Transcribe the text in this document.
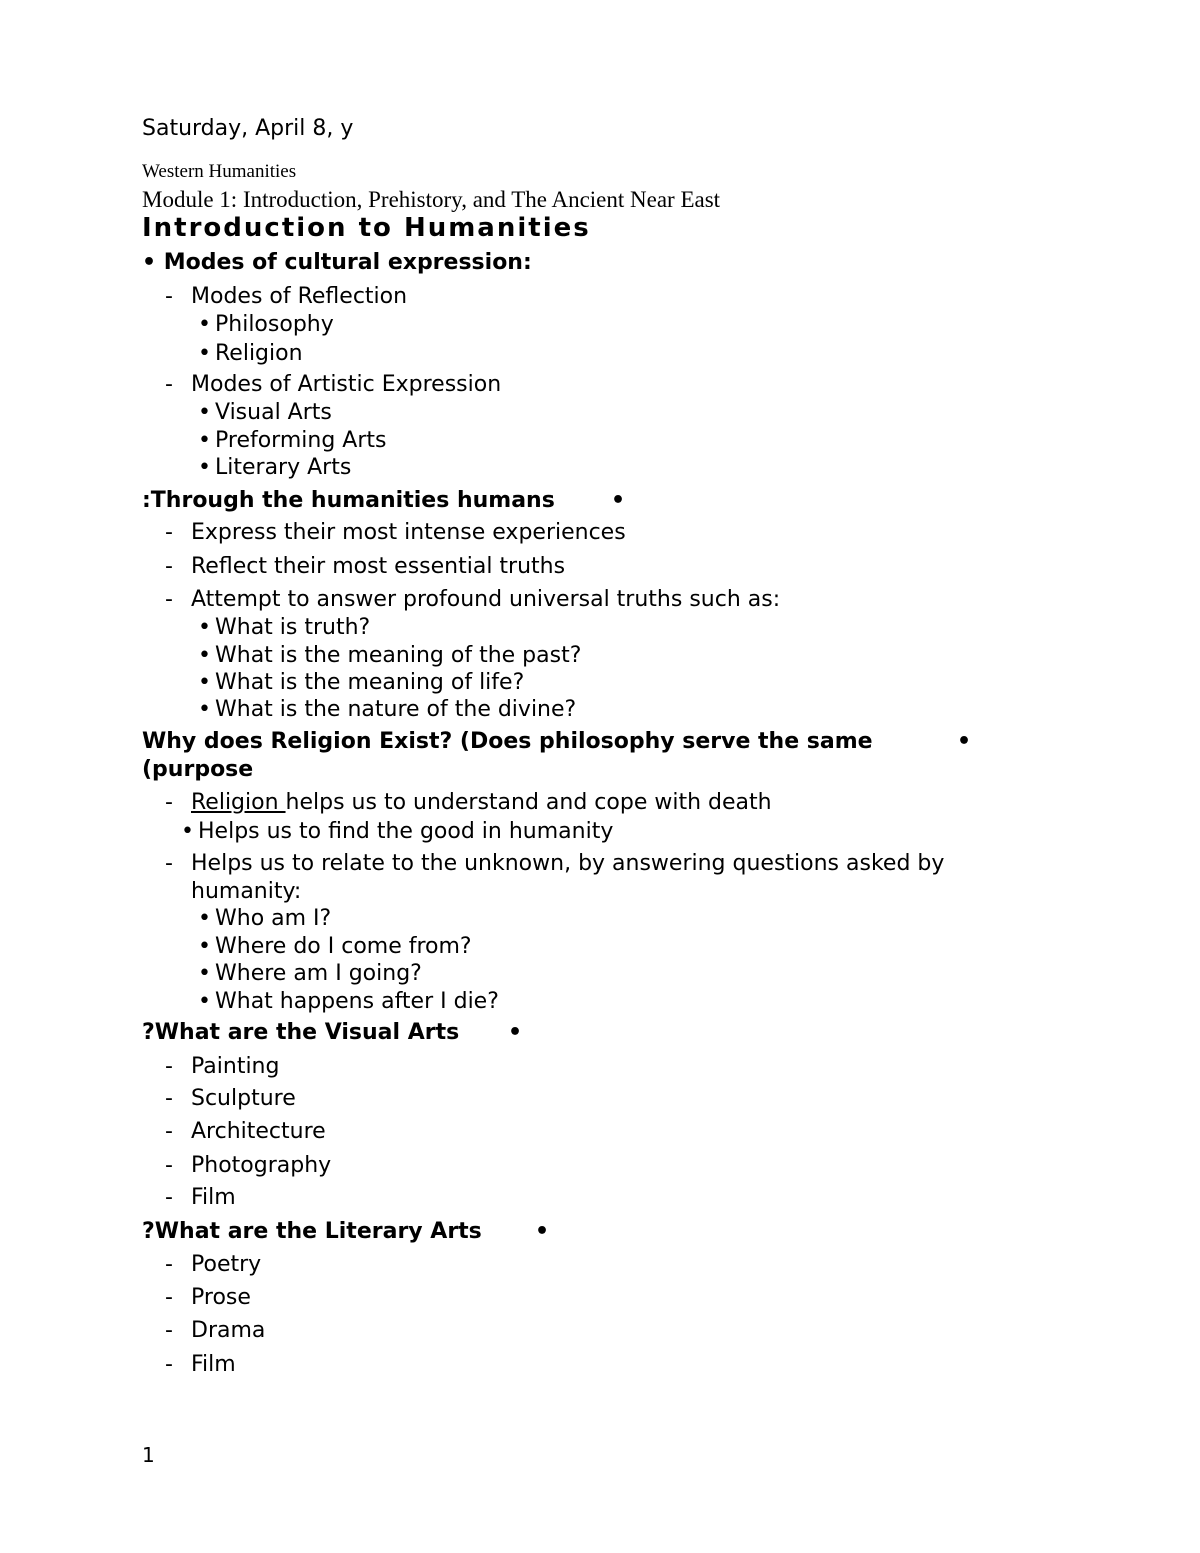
Saturday, April 8, y
Western Humanities
Module 1: Introduction, Prehistory, and The Ancient Near East
Introduction to Humanities
• Modes of cultural expression:
- Modes of Reflection
• Philosophy
• Religion
- Modes of Artistic Expression
• Visual Arts
• Preforming Arts
• Literary Arts
:Through the humanities humans	•
- Express their most intense experiences
- Reflect their most essential truths
- Attempt to answer profound universal truths such as:
• What is truth?
• What is the meaning of the past?
• What is the meaning of life?
• What is the nature of the divine?
Why does Religion Exist? (Does philosophy serve the same	•
(purpose
- Religion helps us to understand and cope with death
• Helps us to find the good in humanity
- Helps us to relate to the unknown, by answering questions asked by
humanity:
• Who am I?
• Where do I come from?
• Where am I going?
• What happens after I die?
?What are the Visual Arts •
- Painting
- Sculpture
- Architecture
- Photography
- Film
?What are the Literary Arts •
- Poetry
- Prose
- Drama
- Film
1
